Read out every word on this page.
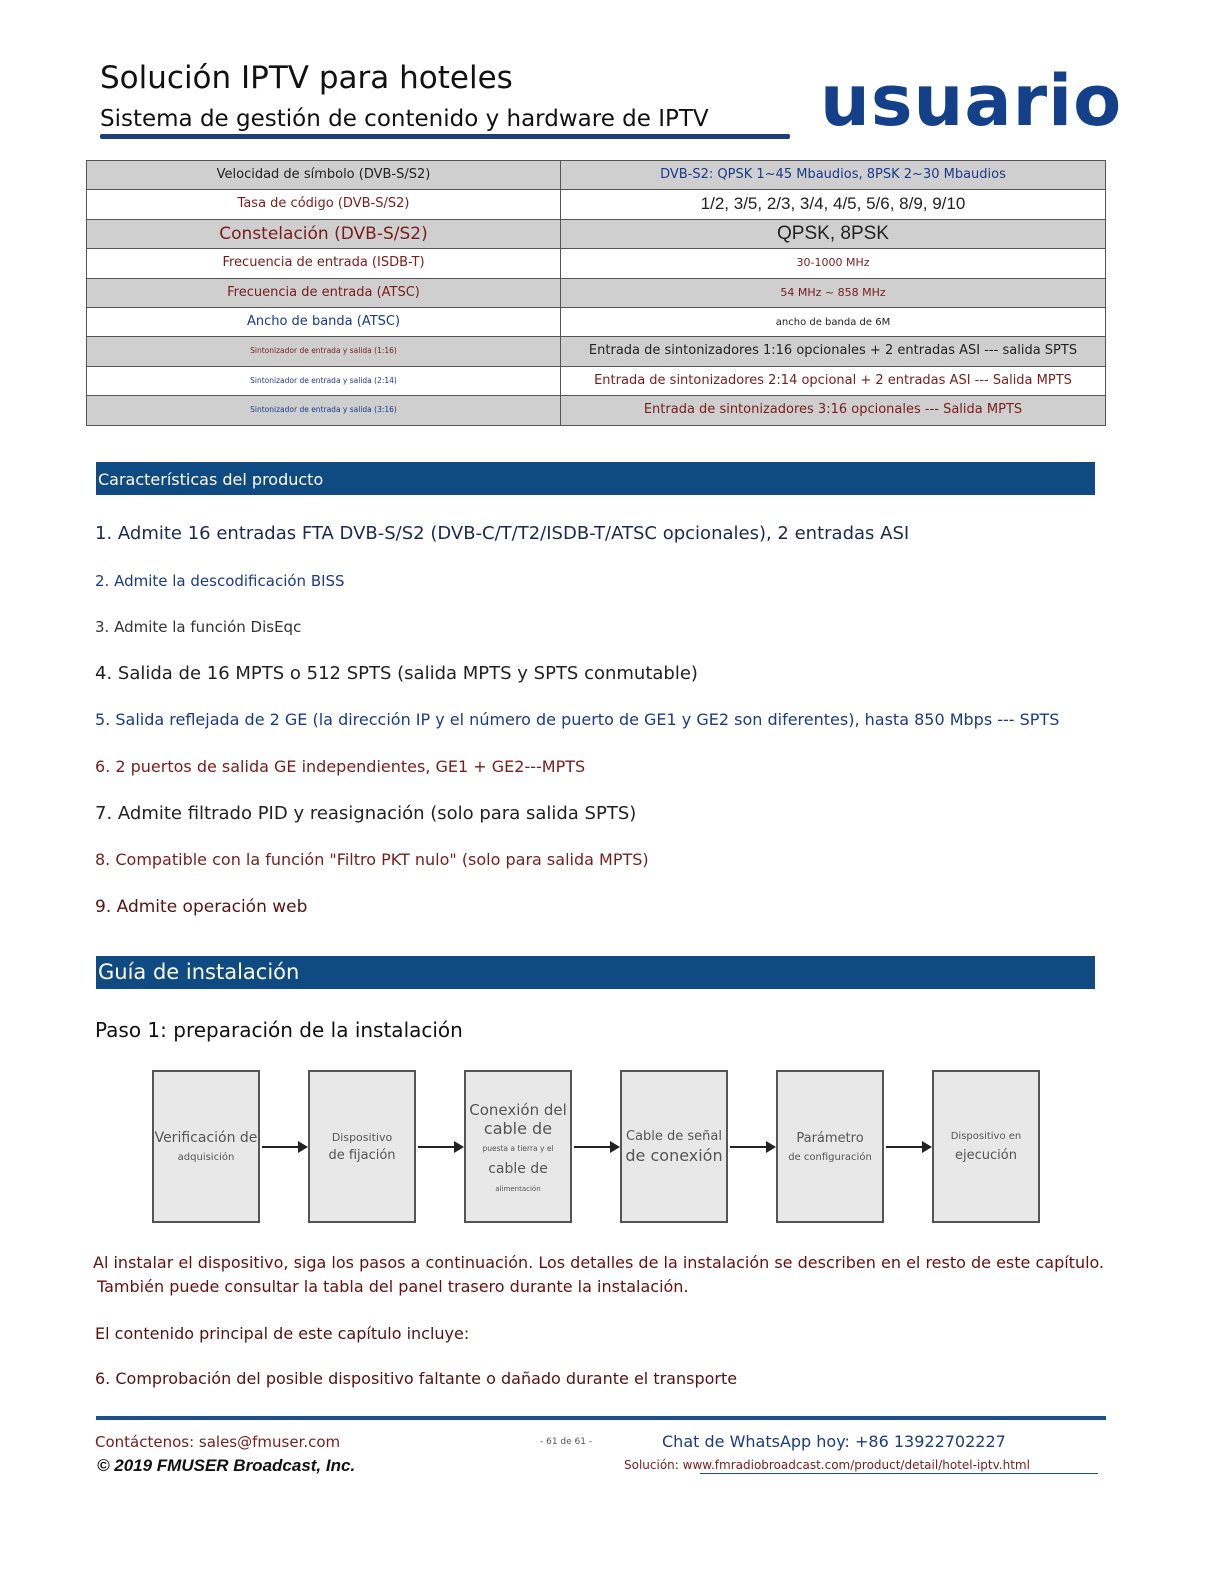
Solución IPTV para hoteles
Sistema de gestión de contenido y hardware de IPTV usuario
Velocidad de símbolo (DVB-S/S2)	DVB-S2: QPSK 1~45 Mbaudios, 8PSK 2~30 Mbaudios
Tasa de código (DVB-S/S2)	1/2, 3/5, 2/3, 3/4, 4/5, 5/6, 8/9, 9/10
Constelación (DVB-S/S2)	QPSK, 8PSK
Frecuencia de entrada (ISDB-T)	30-1000 MHz
Frecuencia de entrada (ATSC)	54 MHz ~ 858 MHz
Ancho de banda (ATSC)	ancho de banda de 6M
Sintonizador de entrada y salida (1:16)	Entrada de sintonizadores 1:16 opcionales + 2 entradas ASI --- salida SPTS
Sintonizador de entrada y salida (2:14)	Entrada de sintonizadores 2:14 opcional + 2 entradas ASI --- Salida MPTS
Sintonizador de entrada y salida (3:16)	Entrada de sintonizadores 3:16 opcionales --- Salida MPTS
Características del producto
1. Admite 16 entradas FTA DVB-S/S2 (DVB-C/T/T2/ISDB-T/ATSC opcionales), 2 entradas ASI
2. Admite la descodificación BISS
3. Admite la función DisEqc
4. Salida de 16 MPTS o 512 SPTS (salida MPTS y SPTS conmutable)
5. Salida reflejada de 2 GE (la dirección IP y el número de puerto de GE1 y GE2 son diferentes), hasta 850 Mbps --- SPTS
6. 2 puertos de salida GE independientes, GE1 + GE2---MPTS
7. Admite filtrado PID y reasignación (solo para salida SPTS)
8. Compatible con la función "Filtro PKT nulo" (solo para salida MPTS)
9. Admite operación web
Guía de instalación
Paso 1: preparación de la instalación
Verificación de
adquisición
Dispositivo
de fijación
Conexión del
cable de
puesta a tierra y el
cable de
alimentación
Cable de señal
de conexión
Parámetro
de configuración
Dispositivo en
ejecución
Al instalar el dispositivo, siga los pasos a continuación. Los detalles de la instalación se describen en el resto de este capítulo.
También puede consultar la tabla del panel trasero durante la instalación.
El contenido principal de este capítulo incluye:
6. Comprobación del posible dispositivo faltante o dañado durante el transporte
Contáctenos: sales@fmuser.com
© 2019 FMUSER Broadcast, Inc.
- 61 de 61 -	Chat de WhatsApp hoy: +86 13922702227
Solución: www.fmradiobroadcast.com/product/detail/hotel-iptv.html
